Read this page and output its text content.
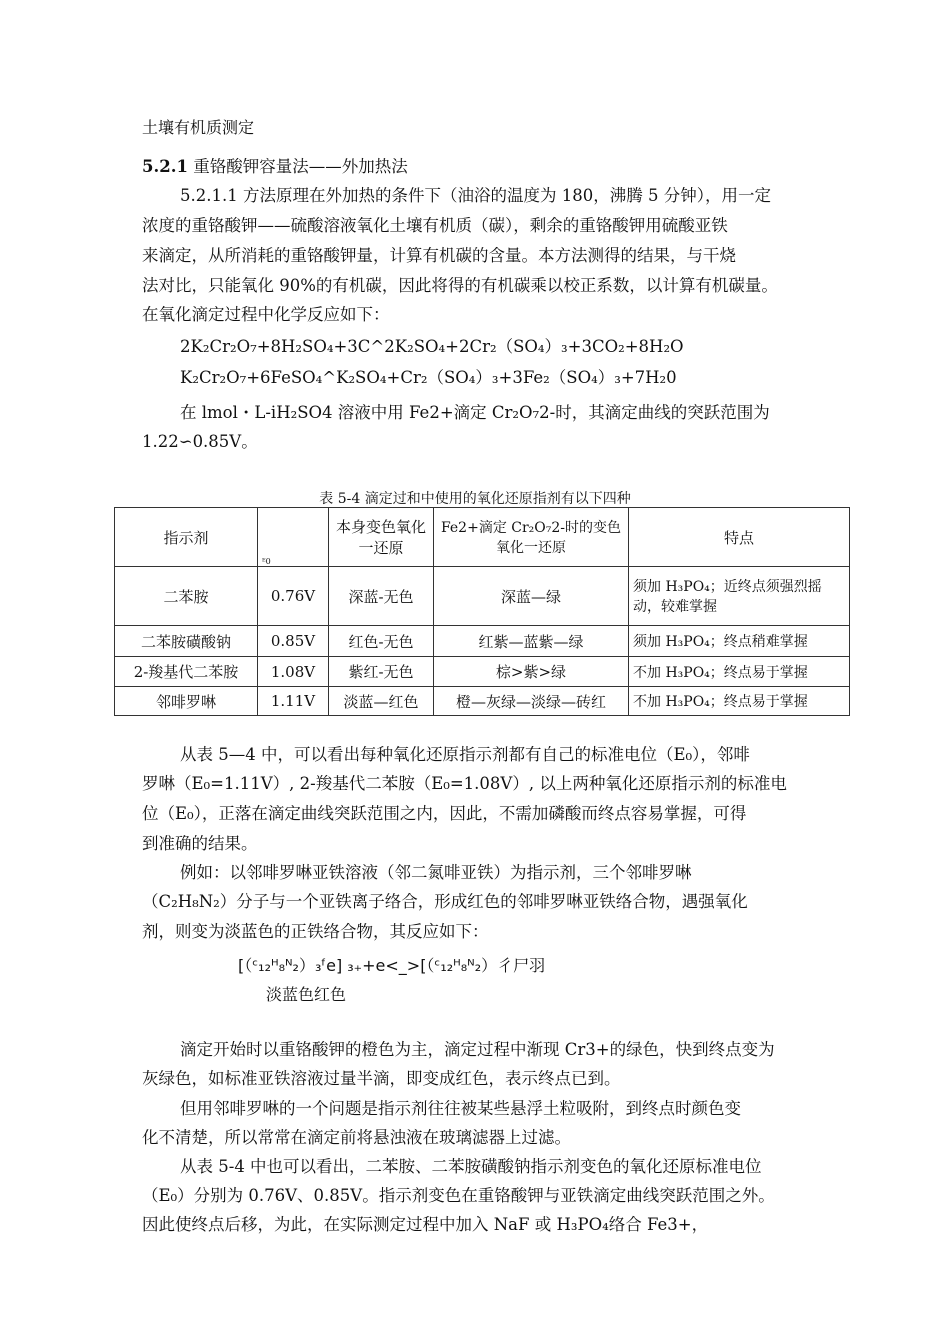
土壤有机质测定
5.2.1 重铬酸钾容量法——外加热法
5.2.1.1 方法原理在外加热的条件下（油浴的温度为 180，沸腾 5 分钟），用一定
浓度的重铬酸钾——硫酸溶液氧化土壤有机质（碳），剩余的重铬酸钾用硫酸亚铁
来滴定，从所消耗的重铬酸钾量，计算有机碳的含量。本方法测得的结果，与干烧
法对比，只能氧化 90%的有机碳，因此将得的有机碳乘以校正系数，以计算有机碳量。
在氧化滴定过程中化学反应如下：
2K₂Cr₂O₇+8H₂SO₄+3C^2K₂SO₄+2Cr₂（SO₄）₃+3CO₂+8H₂O
K₂Cr₂O₇+6FeSO₄^K₂SO₄+Cr₂（SO₄）₃+3Fe₂（SO₄）₃+7H₂0
在 lmol・L-iH₂SO4 溶液中用 Fe2+滴定 Cr₂O₇2-时，其滴定曲线的突跃范围为
1.22∽0.85V。
表 5-4 滴定过和中使用的氧化还原指剂有以下四种
指示剂	ᴱ0	本身变色氧化一还原	Fe2+滴定 Cr₂O₇2-时的变色氧化一还原	特点
二苯胺	0.76V	深蓝-无色	深蓝—绿	须加 H₃PO₄；近终点须强烈摇动，较难掌握
二苯胺磺酸钠	0.85V	红色-无色	红紫—蓝紫—绿	须加 H₃PO₄；终点稍难掌握
2-羧基代二苯胺	1.08V	紫红-无色	棕>紫>绿	不加 H₃PO₄；终点易于掌握
邻啡罗啉	1.11V	淡蓝—红色	橙—灰绿—淡绿—砖红	不加 H₃PO₄；终点易于掌握
从表 5—4 中，可以看出每种氧化还原指示剂都有自己的标准电位（E₀），邻啡
罗啉（E₀=1.11V）, 2-羧基代二苯胺（E₀=1.08V）, 以上两种氧化还原指示剂的标准电
位（E₀），正落在滴定曲线突跃范围之内，因此，不需加磷酸而终点容易掌握，可得
到准确的结果。
例如：以邻啡罗啉亚铁溶液（邻二氮啡亚铁）为指示剂，三个邻啡罗啉
（C₂H₈N₂）分子与一个亚铁离子络合，形成红色的邻啡罗啉亚铁络合物，遇强氧化
剂，则变为淡蓝色的正铁络合物，其反应如下：
[（ᶜ₁₂ᴴ₈ᴺ₂）₃ᶠe] ₃₊+e<_>[（ᶜ₁₂ᴴ₈ᴺ₂）彳尸羽
淡蓝色红色
滴定开始时以重铬酸钾的橙色为主，滴定过程中渐现 Cr3+的绿色，快到终点变为
灰绿色，如标准亚铁溶液过量半滴，即变成红色，表示终点已到。
但用邻啡罗啉的一个问题是指示剂往往被某些悬浮土粒吸附，到终点时颜色变
化不清楚，所以常常在滴定前将悬浊液在玻璃滤器上过滤。
从表 5-4 中也可以看出，二苯胺、二苯胺磺酸钠指示剂变色的氧化还原标准电位
（E₀）分别为 0.76V、0.85V。指示剂变色在重铬酸钾与亚铁滴定曲线突跃范围之外。
因此使终点后移，为此，在实际测定过程中加入 NaF 或 H₃PO₄络合 Fe3+，
